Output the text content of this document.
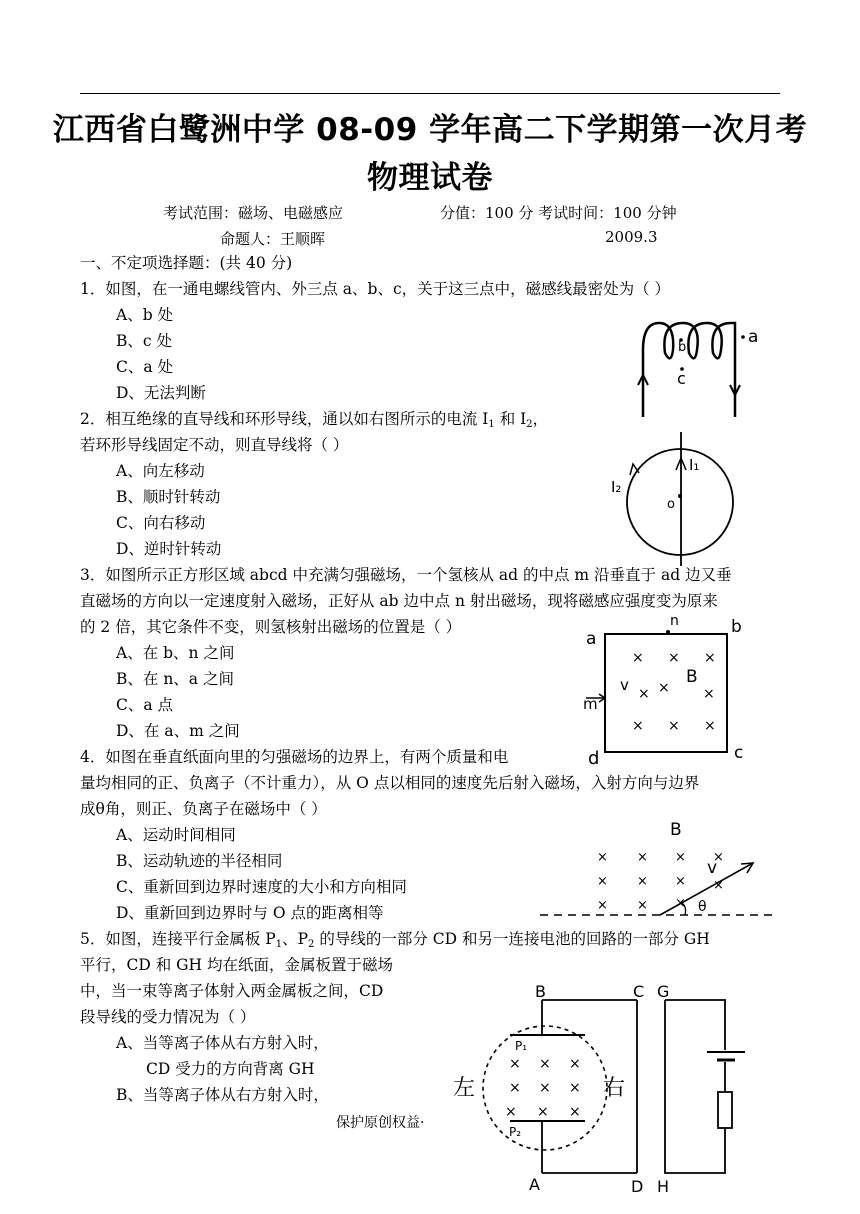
江西省白鹭洲中学 08-09 学年高二下学期第一次月考
物理试卷
考试范围：磁场、电磁感应	分值：100 分 考试时间：100 分钟
命题人：王顺晖	2009.3
一、不定项选择题：(共 40 分)
1．如图，在一通电螺线管内、外三点 a、b、c，关于这三点中，磁感线最密处为（ ）
A、b 处
B、c 处
C、a 处
D、无法判断
b
c
a
2．相互绝缘的直导线和环形导线，通以如右图所示的电流 $I_1$ 和 $I_2$，
若环形导线固定不动，则直导线将（ ）
A、向左移动
B、顺时针转动
C、向右移动
D、逆时针转动
I₁
I₂
o
3．如图所示正方形区域 abcd 中充满匀强磁场，一个氢核从 ad 的中点 m 沿垂直于 ad 边又垂
直磁场的方向以一定速度射入磁场，正好从 ab 边中点 n 射出磁场，现将磁感应强度变为原来
的 2 倍，其它条件不变，则氢核射出磁场的位置是（ ）
A、在 b、n 之间
B、在 n、a 之间
C、a 点
D、在 a、m 之间
× × ×
× × ×
× × ×
a
n	b
B
v
m
d	c
4．如图在垂直纸面向里的匀强磁场的边界上，有两个质量和电
量均相同的正、负离子（不计重力），从 O 点以相同的速度先后射入磁场，入射方向与边界
成θ角，则正、负离子在磁场中（ ）
A、运动时间相同
B、运动轨迹的半径相同
C、重新回到边界时速度的大小和方向相同
D、重新回到边界时与 O 点的距离相等
× × × ×
× × × ×
× × ×
B
v
θ
5．如图，连接平行金属板 $P_1$、$P_2$ 的导线的一部分 CD 和另一连接电池的回路的一部分 GH
平行，CD 和 GH 均在纸面，金属板置于磁场
中，当一束等离子体射入两金属板之间，CD
段导线的受力情况为（ ）
A、当等离子体从右方射入时，
CD 受力的方向背离 GH
B、当等离子体从右方射入时，
× × ×
× × ×
× × ×
B	C G
P₁
P₂
左	右
A	D H
保护原创权益·
